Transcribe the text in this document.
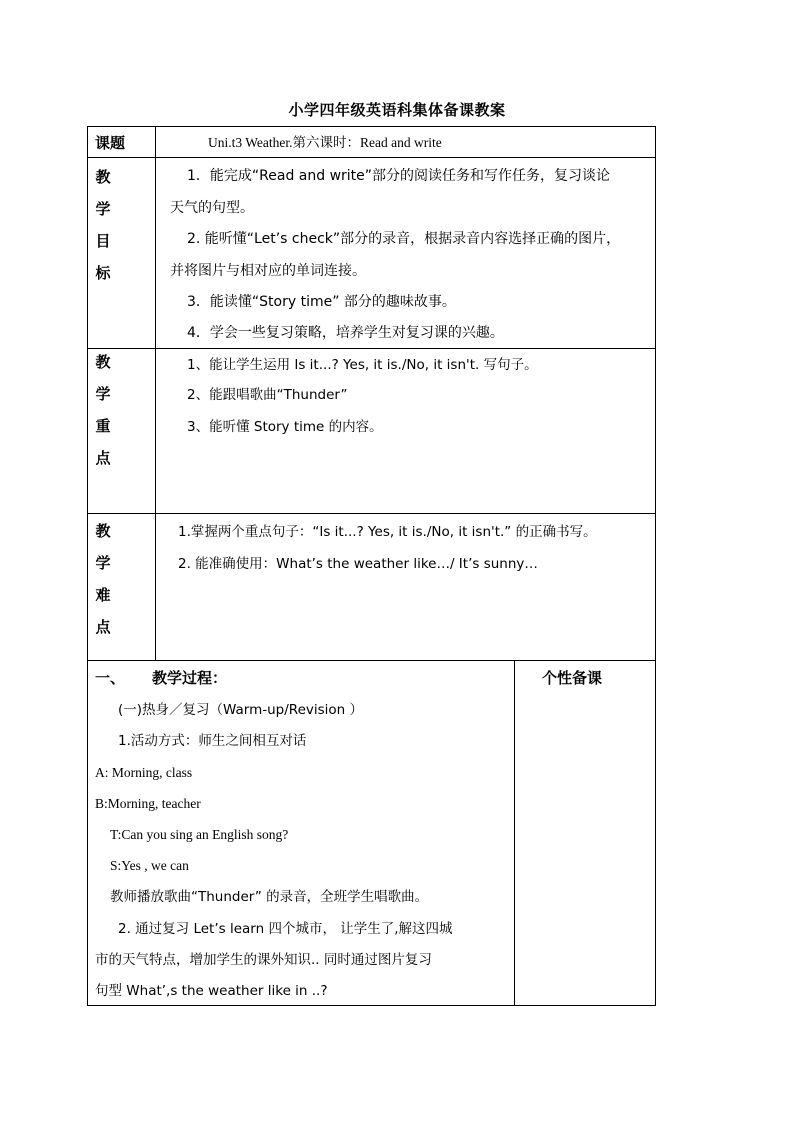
小学四年级英语科集体备课教案
课题	Uni.t3 Weather.第六课时：Read and write
教
学
目
标
1．能完成“Read and write”部分的阅读任务和写作任务，复习谈论
天气的句型。
2. 能听懂“Let’s check”部分的录音，根据录音内容选择正确的图片，
并将图片与相对应的单词连接。
3．能读懂“Story time” 部分的趣味故事。
4．学会一些复习策略，培养学生对复习课的兴趣。
教
学
重
点
1、能让学生运用 Is it...? Yes, it is./No, it isn't. 写句子。
2、能跟唱歌曲“Thunder”
3、能听懂 Story time 的内容。
教
学
难
点
1.掌握两个重点句子：“Is it...? Yes, it is./No, it isn't.” 的正确书写。
2. 能准确使用：What’s the weather like…/ It’s sunny…
一、 教学过程：	个性备课
(一)热身／复习（Warm-up/Revision ）
1.活动方式：师生之间相互对话
A: Morning, class
B:Morning, teacher
T:Can you sing an English song?
S:Yes , we can
教师播放歌曲“Thunder” 的录音，全班学生唱歌曲。
2. 通过复习 Let’s learn 四个城市， 让学生了,解这四城
市的天气特点，增加学生的课外知识.. 同时通过图片复习
句型 What’,s the weather like in ..?
